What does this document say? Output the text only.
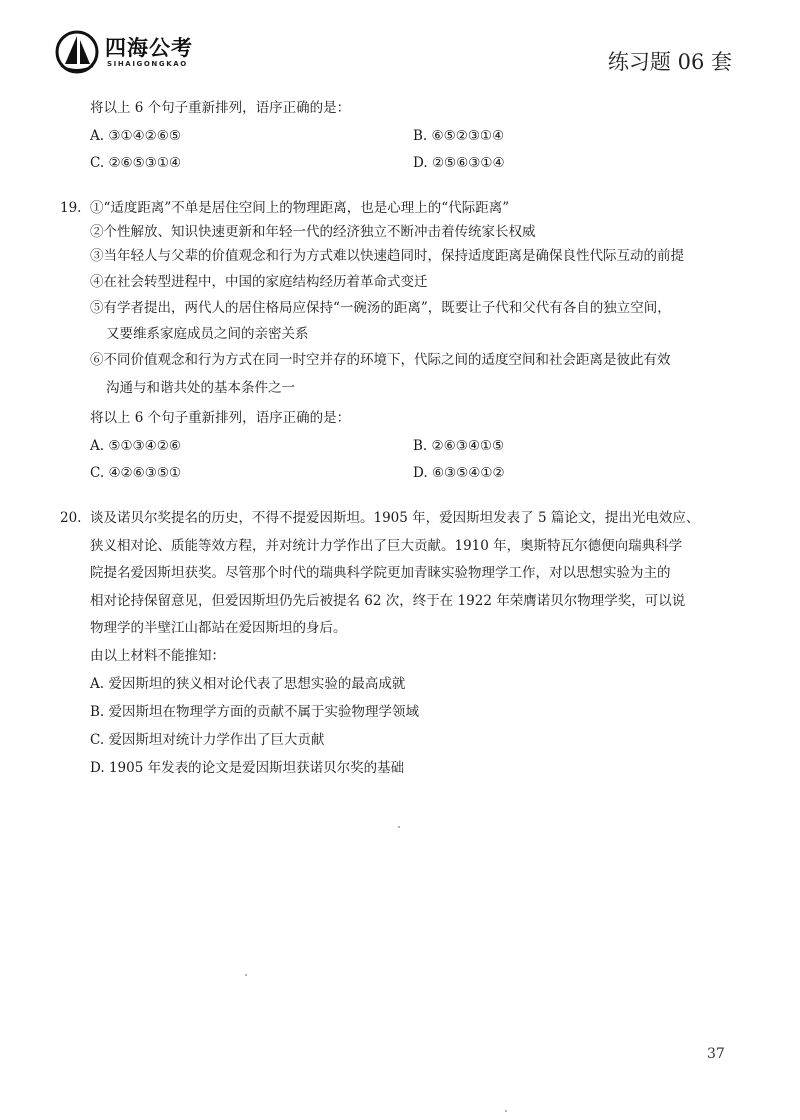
四海公考
SIHAIGONGKAO	练习题 06 套
将以上 6 个句子重新排列，语序正确的是：
A. ③①④②⑥⑤	B. ⑥⑤②③①④
C. ②⑥⑤③①④	D. ②⑤⑥③①④
19. ①“适度距离”不单是居住空间上的物理距离，也是心理上的“代际距离”
②个性解放、知识快速更新和年轻一代的经济独立不断冲击着传统家长权威
③当年轻人与父辈的价值观念和行为方式难以快速趋同时，保持适度距离是确保良性代际互动的前提
④在社会转型进程中，中国的家庭结构经历着革命式变迁
⑤有学者提出，两代人的居住格局应保持“一碗汤的距离”，既要让子代和父代有各自的独立空间，
又要维系家庭成员之间的亲密关系
⑥不同价值观念和行为方式在同一时空并存的环境下，代际之间的适度空间和社会距离是彼此有效
沟通与和谐共处的基本条件之一
将以上 6 个句子重新排列，语序正确的是：
A. ⑤①③④②⑥	B. ②⑥③④①⑤
C. ④②⑥③⑤①	D. ⑥③⑤④①②
20. 谈及诺贝尔奖提名的历史，不得不提爱因斯坦。1905 年，爱因斯坦发表了 5 篇论文，提出光电效应、
狭义相对论、质能等效方程，并对统计力学作出了巨大贡献。1910 年，奥斯特瓦尔德便向瑞典科学
院提名爱因斯坦获奖。尽管那个时代的瑞典科学院更加青睐实验物理学工作，对以思想实验为主的
相对论持保留意见，但爱因斯坦仍先后被提名 62 次，终于在 1922 年荣膺诺贝尔物理学奖，可以说
物理学的半壁江山都站在爱因斯坦的身后。
由以上材料不能推知：
A. 爱因斯坦的狭义相对论代表了思想实验的最高成就
B. 爱因斯坦在物理学方面的贡献不属于实验物理学领域
C. 爱因斯坦对统计力学作出了巨大贡献
D. 1905 年发表的论文是爱因斯坦获诺贝尔奖的基础
37
